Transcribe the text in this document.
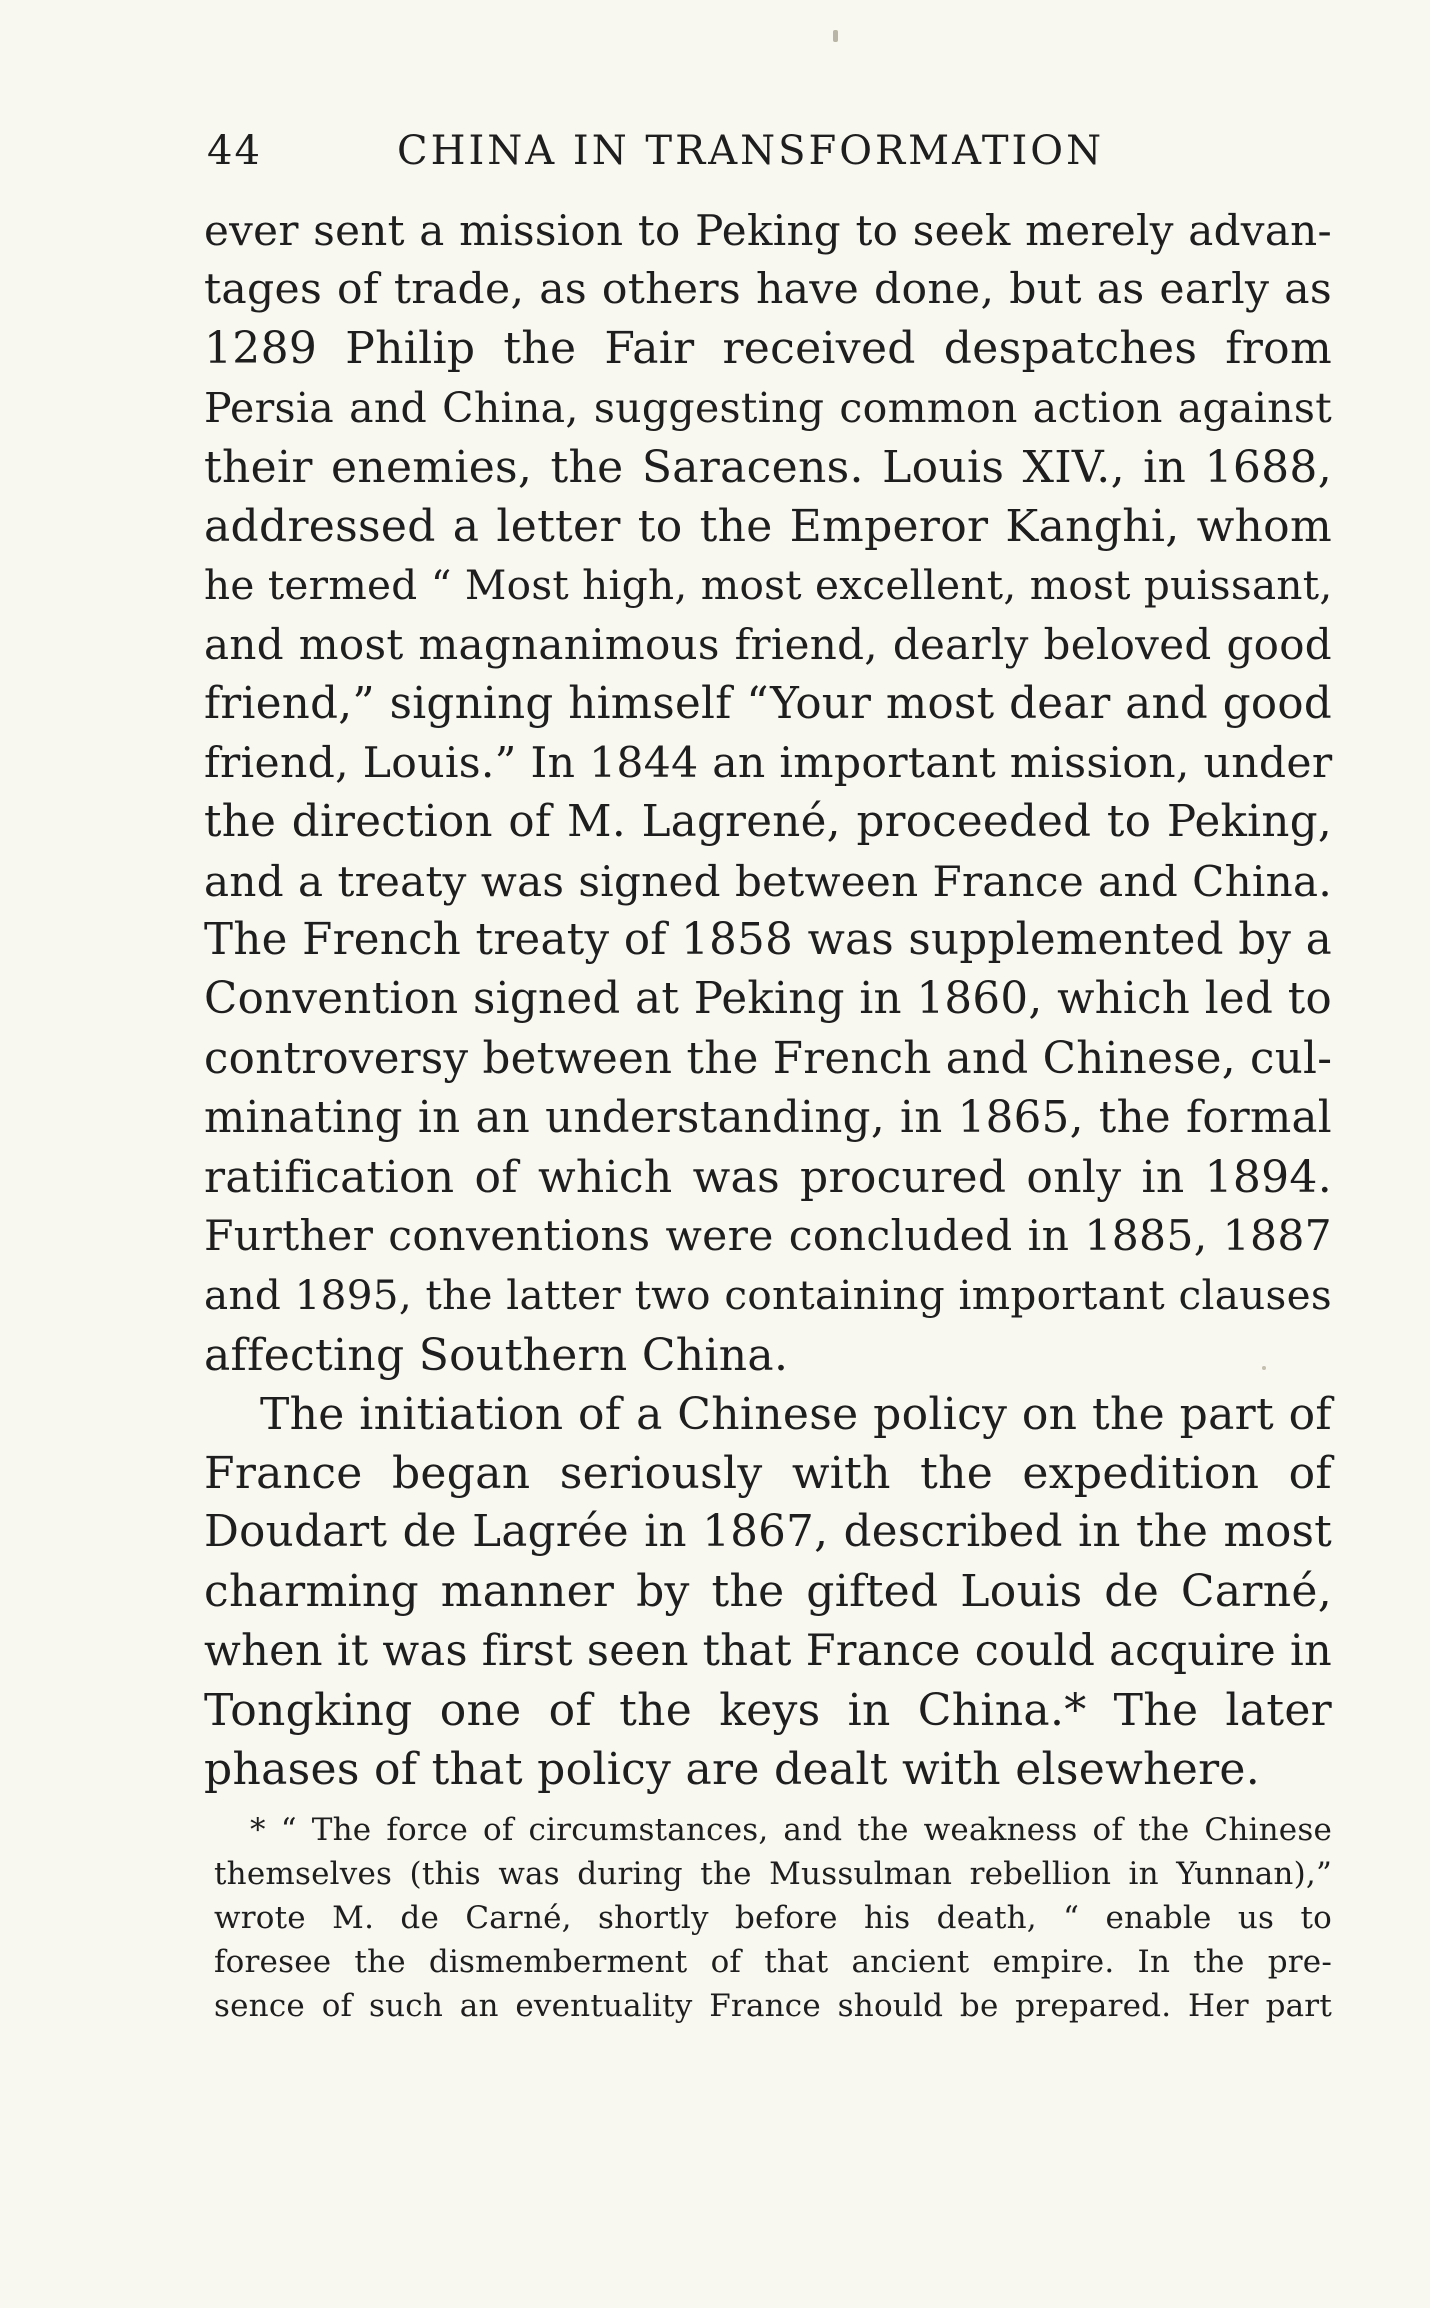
44	CHINA IN TRANSFORMATION
ever sent a mission to Peking to seek merely advan-
tages of trade, as others have done, but as early as
1289 Philip the Fair received despatches from
Persia and China, suggesting common action against
their enemies, the Saracens. Louis XIV., in 1688,
addressed a letter to the Emperor Kanghi, whom
he termed “ Most high, most excellent, most puissant,
and most magnanimous friend, dearly beloved good
friend,” signing himself “Your most dear and good
friend, Louis.” In 1844 an important mission, under
the direction of M. Lagrené, proceeded to Peking,
and a treaty was signed between France and China.
The French treaty of 1858 was supplemented by a
Convention signed at Peking in 1860, which led to
controversy between the French and Chinese, cul-
minating in an understanding, in 1865, the formal
ratification of which was procured only in 1894.
Further conventions were concluded in 1885, 1887
and 1895, the latter two containing important clauses
affecting Southern China.
The initiation of a Chinese policy on the part of
France began seriously with the expedition of
Doudart de Lagrée in 1867, described in the most
charming manner by the gifted Louis de Carné,
when it was first seen that France could acquire in
Tongking one of the keys in China.* The later
phases of that policy are dealt with elsewhere.
* “ The force of circumstances, and the weakness of the Chinese
themselves (this was during the Mussulman rebellion in Yunnan),”
wrote M. de Carné, shortly before his death, “ enable us to
foresee the dismemberment of that ancient empire. In the pre-
sence of such an eventuality France should be prepared. Her part
